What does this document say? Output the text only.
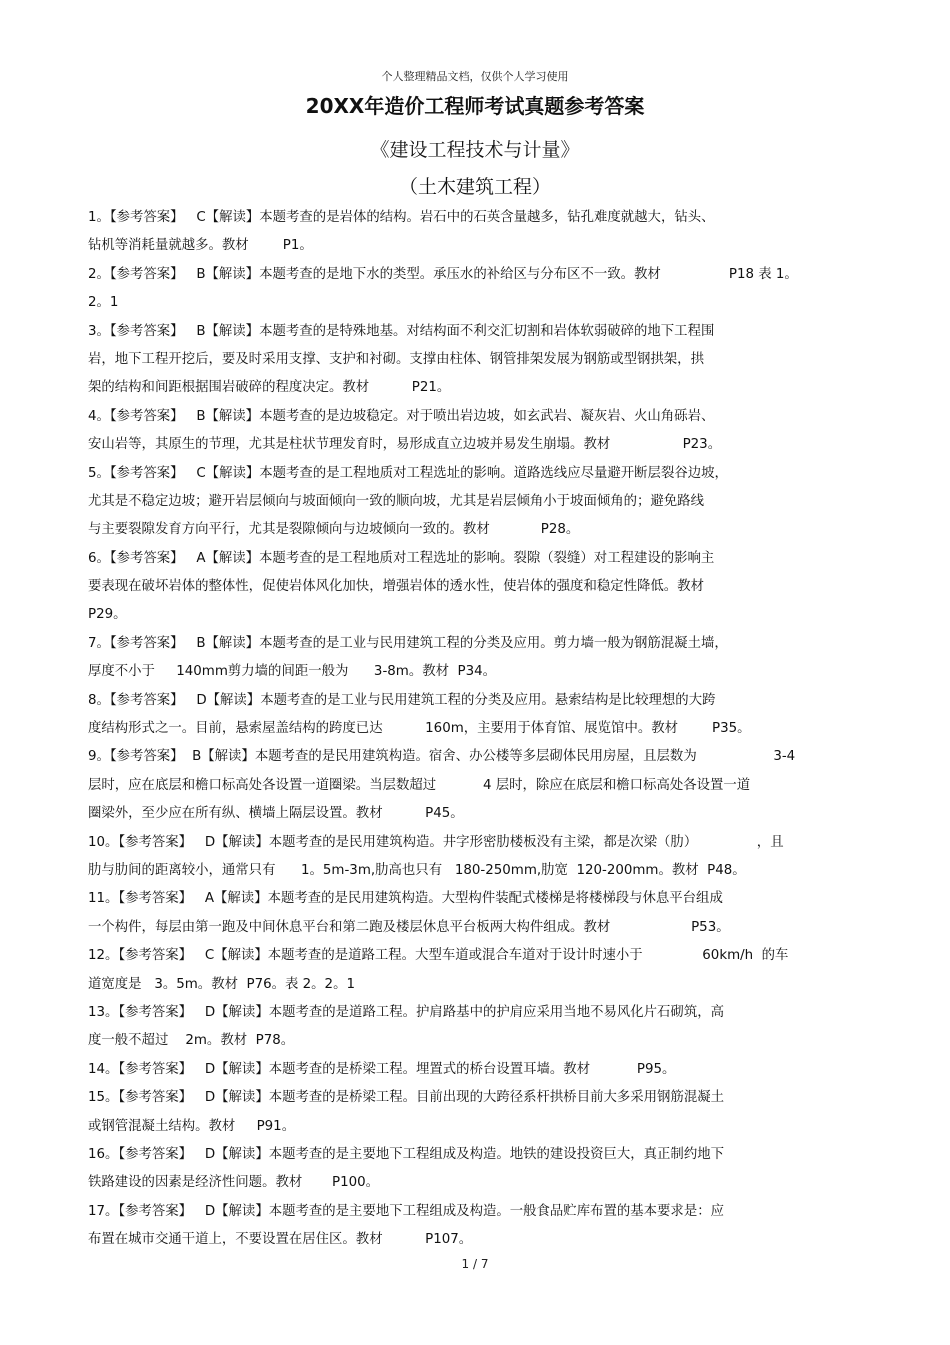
个人整理精品文档，仅供个人学习使用
20XX年造价工程师考试真题参考答案
《建设工程技术与计量》
（土木建筑工程）
1。【参考答案】   C【解读】本题考查的是岩体的结构。岩石中的石英含量越多，钻孔难度就越大，钻头、
钻机等消耗量就越多。教材        P1。
2。【参考答案】   B【解读】本题考查的是地下水的类型。承压水的补给区与分布区不一致。教材                P18 表 1。
2。1
3。【参考答案】   B【解读】本题考查的是特殊地基。对结构面不利交汇切割和岩体软弱破碎的地下工程围
岩，地下工程开挖后，要及时采用支撑、支护和衬砌。支撑由柱体、钢管排架发展为钢筋或型钢拱架，拱
架的结构和间距根据围岩破碎的程度决定。教材          P21。
4。【参考答案】   B【解读】本题考查的是边坡稳定。对于喷出岩边坡，如玄武岩、凝灰岩、火山角砾岩、
安山岩等，其原生的节理，尤其是柱状节理发育时，易形成直立边坡并易发生崩塌。教材                 P23。
5。【参考答案】   C【解读】本题考查的是工程地质对工程选址的影响。道路选线应尽量避开断层裂谷边坡，
尤其是不稳定边坡；避开岩层倾向与坡面倾向一致的顺向坡，尤其是岩层倾角小于坡面倾角的；避免路线
与主要裂隙发育方向平行，尤其是裂隙倾向与边坡倾向一致的。教材            P28。
6。【参考答案】   A【解读】本题考查的是工程地质对工程选址的影响。裂隙（裂缝）对工程建设的影响主
要表现在破坏岩体的整体性，促使岩体风化加快，增强岩体的透水性，使岩体的强度和稳定性降低。教材
P29。
7。【参考答案】   B【解读】本题考查的是工业与民用建筑工程的分类及应用。剪力墙一般为钢筋混凝土墙，
厚度不小于     140mm剪力墙的间距一般为      3-8m。教材  P34。
8。【参考答案】   D【解读】本题考查的是工业与民用建筑工程的分类及应用。悬索结构是比较理想的大跨
度结构形式之一。目前，悬索屋盖结构的跨度已达          160m，主要用于体育馆、展览馆中。教材        P35。
9。【参考答案】  B【解读】本题考查的是民用建筑构造。宿舍、办公楼等多层砌体民用房屋，且层数为                  3-4
层时，应在底层和檐口标高处各设置一道圈梁。当层数超过           4 层时，除应在底层和檐口标高处各设置一道
圈梁外，至少应在所有纵、横墙上隔层设置。教材          P45。
10。【参考答案】   D【解读】本题考查的是民用建筑构造。井字形密肋楼板没有主梁，都是次梁（肋）              ，且
肋与肋间的距离较小，通常只有      1。5m-3m,肋高也只有   180-250mm,肋宽  120-200mm。教材  P48。
11。【参考答案】   A【解读】本题考查的是民用建筑构造。大型构件装配式楼梯是将楼梯段与休息平台组成
一个构件，每层由第一跑及中间休息平台和第二跑及楼层休息平台板两大构件组成。教材                   P53。
12。【参考答案】   C【解读】本题考查的是道路工程。大型车道或混合车道对于设计时速小于              60km/h  的车
道宽度是   3。5m。教材  P76。表 2。2。1
13。【参考答案】   D【解读】本题考查的是道路工程。护肩路基中的护肩应采用当地不易风化片石砌筑，高
度一般不超过    2m。教材  P78。
14。【参考答案】   D【解读】本题考查的是桥梁工程。埋置式的桥台设置耳墙。教材           P95。
15。【参考答案】   D【解读】本题考查的是桥梁工程。目前出现的大跨径系杆拱桥目前大多采用钢筋混凝土
或钢管混凝土结构。教材     P91。
16。【参考答案】   D【解读】本题考查的是主要地下工程组成及构造。地铁的建设投资巨大，真正制约地下
铁路建设的因素是经济性问题。教材       P100。
17。【参考答案】   D【解读】本题考查的是主要地下工程组成及构造。一般食品贮库布置的基本要求是：应
布置在城市交通干道上，不要设置在居住区。教材          P107。
1 / 7
